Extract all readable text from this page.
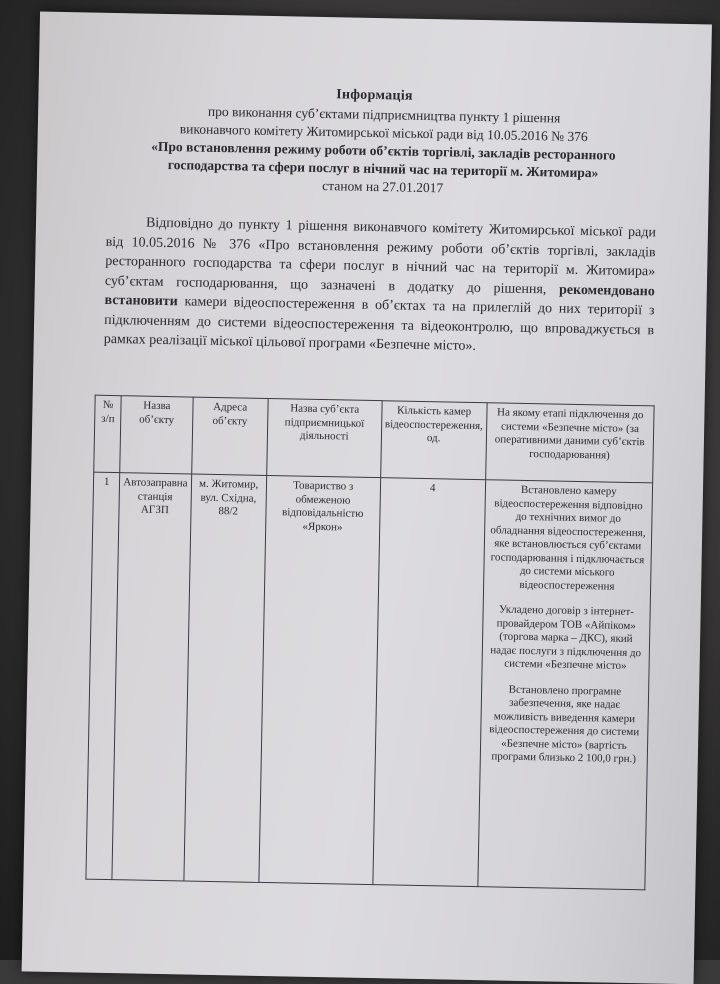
Інформація
про виконання суб’єктами підприємництва пункту 1 рішення
виконавчого комітету Житомирської міської ради від 10.05.2016 № 376
«Про встановлення режиму роботи об’єктів торгівлі, закладів ресторанного
господарства та сфери послуг в нічний час на території м. Житомира»
станом на 27.01.2017
Відповідно до пункту 1 рішення виконавчого комітету Житомирської міської ради від 10.05.2016 № 376 «Про встановлення режиму роботи об’єктів торгівлі, закладів ресторанного господарства та сфери послуг в нічний час на території м. Житомира» суб’єктам господарювання, що зазначені в додатку до рішення, рекомендовано встановити камери відеоспостереження в об’єктах та на прилеглій до них території з підключенням до системи відеоспостереження та відеоконтролю, що впроваджується в рамках реалізації міської цільової програми «Безпечне місто».
№ з/п	Назва об’єкту	Адреса об’єкту	Назва суб’єкта підприємницької діяльності	Кількість камер відеоспостереження, од.	На якому етапі підключення до системи «Безпечне місто» (за оперативними даними суб’єктів господарювання)
1	Автозаправна станція АГЗП	м. Житомир, вул. Східна, 88/2	Товариство з обмеженою відповідальністю «Яркон»	4	Встановлено камеру відеоспостереження відповідно до технічних вимог до обладнання відеоспостереження, яке встановлюється суб’єктами господарювання і підключається до системи міського відеоспостереження

Укладено договір з інтернет-провайдером ТОВ «Айпіком» (торгова марка – ДКС), який надає послуги з підключення до системи «Безпечне місто»

Встановлено програмне забезпечення, яке надає можливість виведення камери відеоспостереження до системи «Безпечне місто» (вартість програми близько 2 100,0 грн.)
